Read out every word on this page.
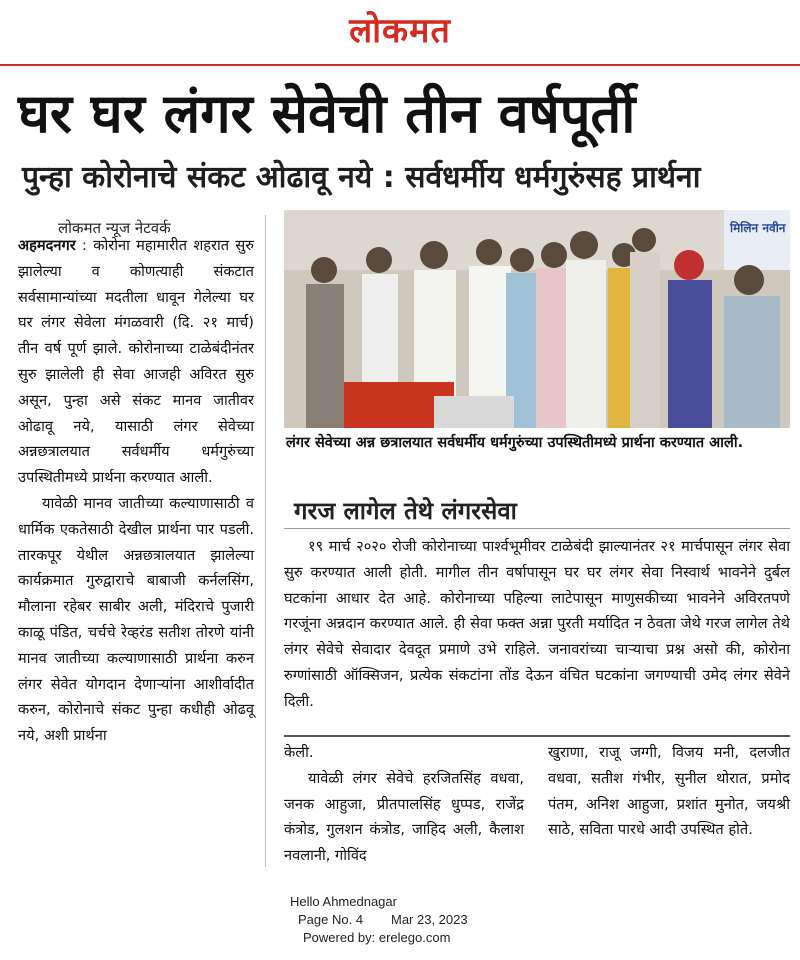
लोकमत
घर घर लंगर सेवेची तीन वर्षपूर्ती
पुन्हा कोरोनाचे संकट ओढावू नये : सर्वधर्मीय धर्मगुरुंसह प्रार्थना
लोकमत न्यूज नेटवर्क

अहमदनगर : कोरोना महामारीत शहरात सुरु झालेल्या व कोणत्याही संकटात सर्वसामान्यांच्या मदतीला धावून गेलेल्या घर घर लंगर सेवेला मंगळवारी (दि. २१ मार्च) तीन वर्ष पूर्ण झाले. कोरोनाच्या टाळेबंदीनंतर सुरु झालेली ही सेवा आजही अविरत सुरु असून, पुन्हा असे संकट मानव जातीवर ओढावू नये, यासाठी लंगर सेवेच्या अन्नछत्रालयात सर्वधर्मीय धर्मगुरुंच्या उपस्थितीमध्ये प्रार्थना करण्यात आली.

यावेळी मानव जातीच्या कल्याणासाठी व धार्मिक एकतेसाठी देखील प्रार्थना पार पडली. तारकपूर येथील अन्नछत्रालयात झालेल्या कार्यक्रमात गुरुद्वाराचे बाबाजी कर्नलसिंग, मौलाना रहेबर साबीर अली, मंदिराचे पुजारी काळू पंडित, चर्चचे रेव्हरंड सतीश तोरणे यांनी मानव जातीच्या कल्याणासाठी प्रार्थना करुन लंगर सेवेत योगदान देणाऱ्यांना आशीर्वादीत करुन, कोरोनाचे संकट पुन्हा कधीही ओढवू नये, अशी प्रार्थना

मिलिन नवीन
लंगर सेवेच्या अन्न छत्रालयात सर्वधर्मीय धर्मगुरुंच्या उपस्थितीमध्ये प्रार्थना करण्यात आली.
गरज लागेल तेथे लंगरसेवा

१९ मार्च २०२० रोजी कोरोनाच्या पार्श्वभूमीवर टाळेबंदी झाल्यानंतर २१ मार्चपासून लंगर सेवा सुरु करण्यात आली होती. मागील तीन वर्षापासून घर घर लंगर सेवा निस्वार्थ भावनेने दुर्बल घटकांना आधार देत आहे. कोरोनाच्या पहिल्या लाटेपासून माणुसकीच्या भावनेने अविरतपणे गरजूंना अन्नदान करण्यात आले. ही सेवा फक्त अन्ना पुरती मर्यादित न ठेवता जेथे गरज लागेल तेथे लंगर सेवेचे सेवादार देवदूत प्रमाणे उभे राहिले. जनावरांच्या चाऱ्याचा प्रश्न असो की, कोरोना रुग्णांसाठी ऑक्सिजन, प्रत्येक संकटांना तोंड देऊन वंचित घटकांना जगण्याची उमेद लंगर सेवेने दिली.

केली.

यावेळी लंगर सेवेचे हरजितसिंह वधवा, जनक आहुजा, प्रीतपालसिंह धुप्पड, राजेंद्र कंत्रोड, गुलशन कंत्रोड, जाहिद अली, कैलाश नवलानी, गोविंद

खुराणा, राजू जग्गी, विजय मनी, दलजीत वधवा, सतीश गंभीर, सुनील थोरात, प्रमोद पंतम, अनिश आहुजा, प्रशांत मुनोत, जयश्री साठे, सविता पारधे आदी उपस्थित होते.

Hello Ahmednagar
Page No. 4 Mar 23, 2023
Powered by: erelego.com
